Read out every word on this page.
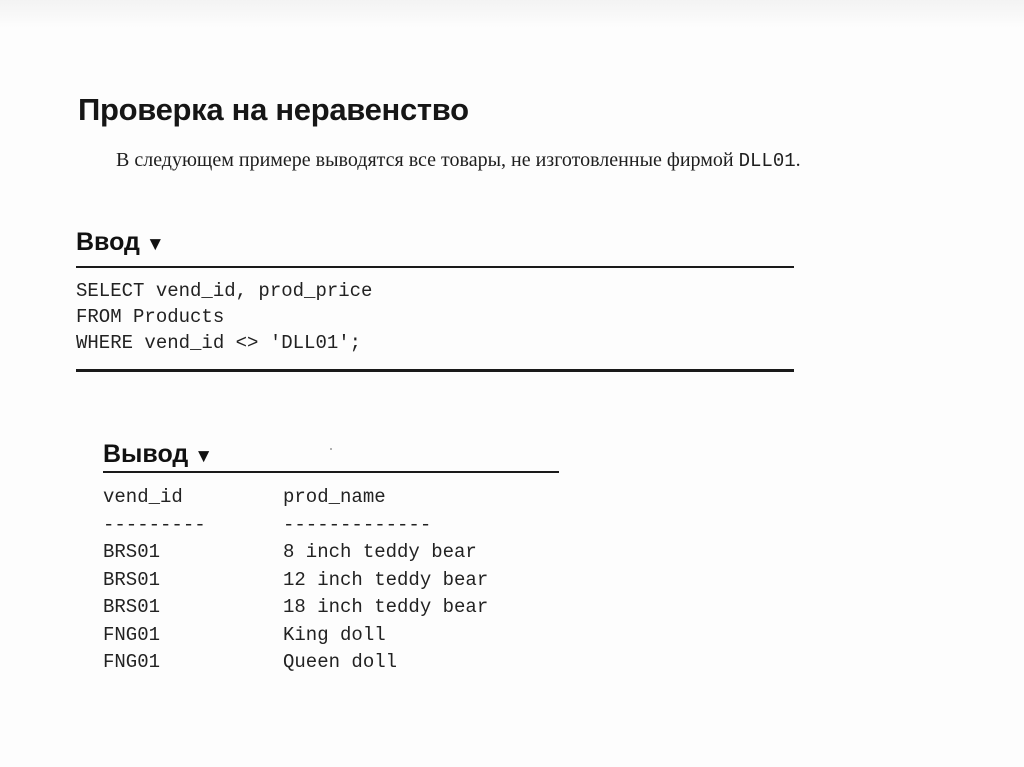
Проверка на неравенство

В следующем примере выводятся все товары, не изготовленные фирмой DLL01.

Ввод ▼
SELECT vend_id, prod_price
FROM Products
WHERE vend_id <> 'DLL01';
Вывод ▼
vend_id	prod_name
---------	-------------
BRS01	8 inch teddy bear
BRS01	12 inch teddy bear
BRS01	18 inch teddy bear
FNG01	King doll
FNG01	Queen doll
